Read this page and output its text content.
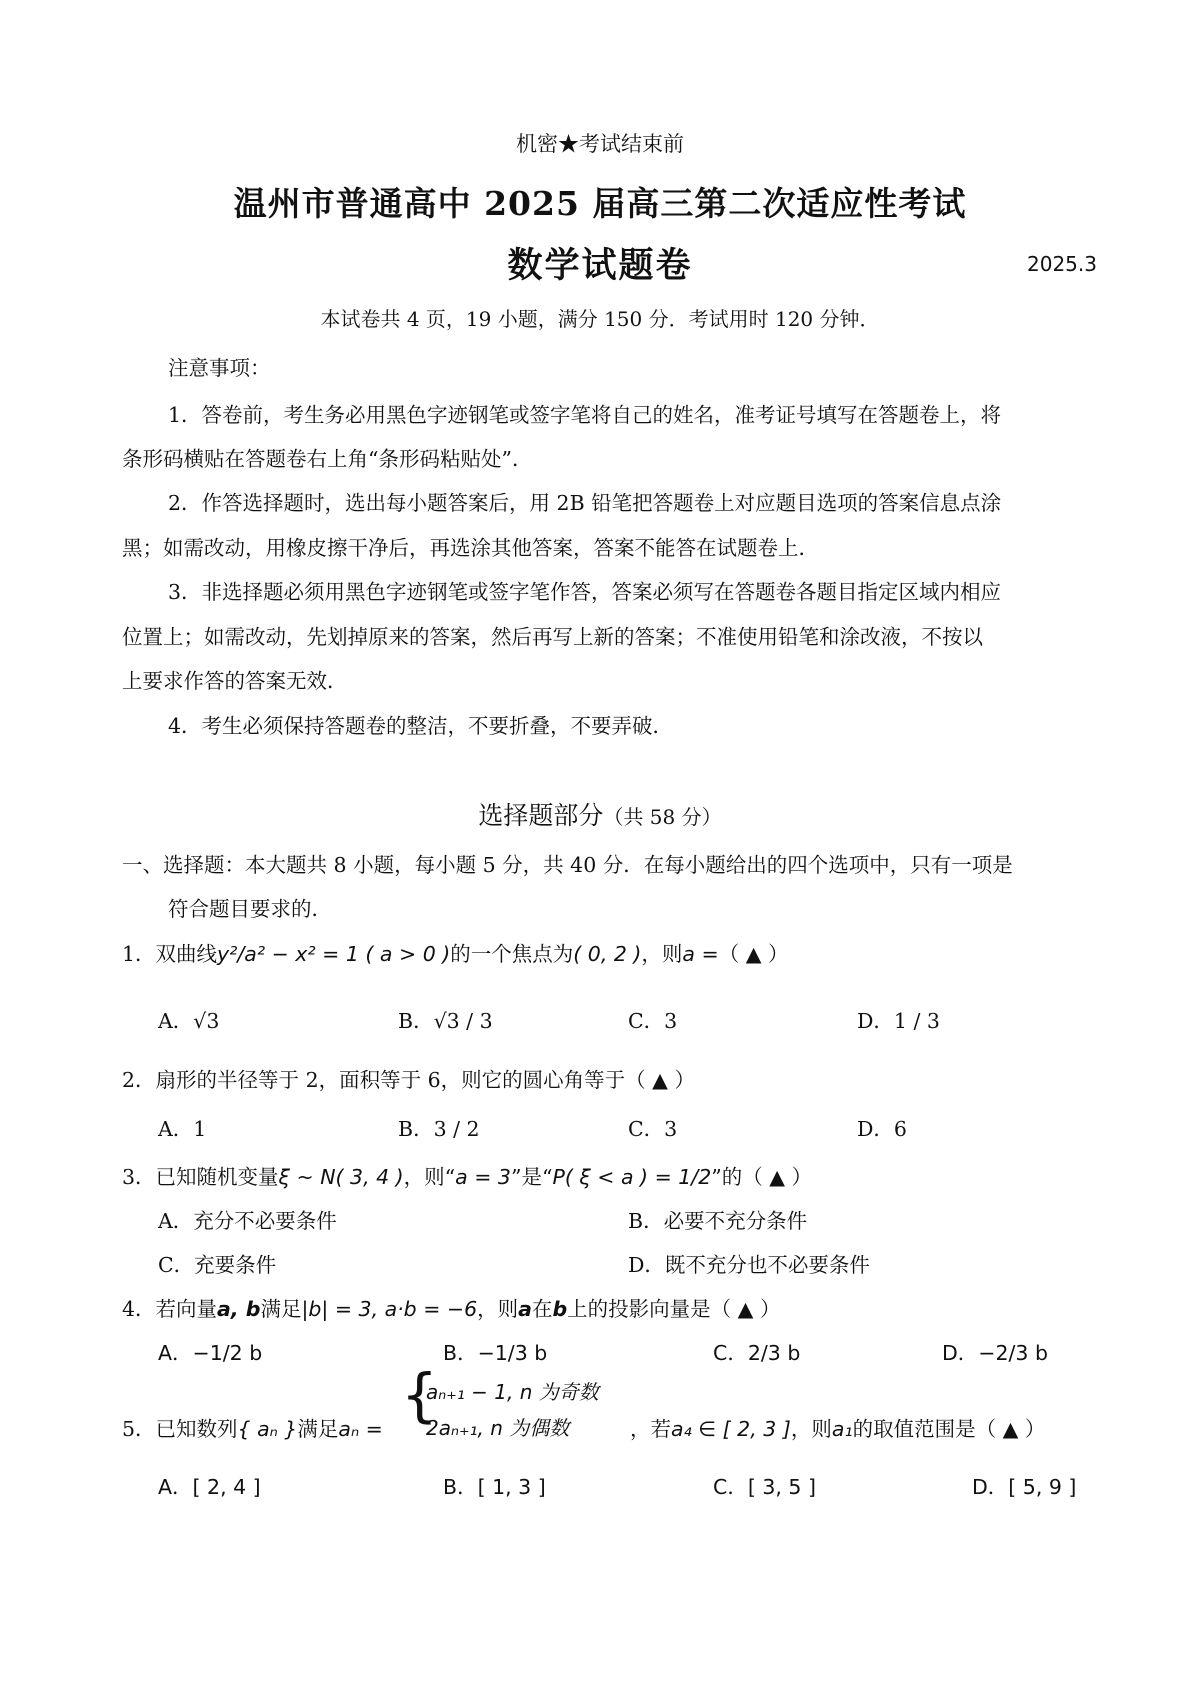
机密★考试结束前
温州市普通高中 2025 届高三第二次适应性考试
数学试题卷	2025.3
本试卷共 4 页，19 小题，满分 150 分．考试用时 120 分钟．
注意事项：
1．答卷前，考生务必用黑色字迹钢笔或签字笔将自己的姓名，准考证号填写在答题卷上，将
条形码横贴在答题卷右上角“条形码粘贴处”．
2．作答选择题时，选出每小题答案后，用 2B 铅笔把答题卷上对应题目选项的答案信息点涂
黑；如需改动，用橡皮擦干净后，再选涂其他答案，答案不能答在试题卷上．
3．非选择题必须用黑色字迹钢笔或签字笔作答，答案必须写在答题卷各题目指定区域内相应
位置上；如需改动，先划掉原来的答案，然后再写上新的答案；不准使用铅笔和涂改液，不按以
上要求作答的答案无效．
4．考生必须保持答题卷的整洁，不要折叠，不要弄破．
选择题部分（共 58 分）
一、选择题：本大题共 8 小题，每小题 5 分，共 40 分．在每小题给出的四个选项中，只有一项是
符合题目要求的．
1．双曲线y²/a² − x² = 1 ( a > 0 )的一个焦点为( 0, 2 )，则a =（ ▲ ）
A．√3	B．√3 / 3	C．3	D．1 / 3
2．扇形的半径等于 2，面积等于 6，则它的圆心角等于（ ▲ ）
A．1	B．3 / 2	C．3	D．6
3．已知随机变量ξ ~ N( 3, 4 )，则“a = 3”是“P( ξ < a ) = 1/2”的（ ▲ ）
A．充分不必要条件	B．必要不充分条件
C．充要条件	D．既不充分也不必要条件
4．若向量a, b满足|b| = 3, a·b = −6，则a在b上的投影向量是（ ▲ ）
A．−1/2 b	B．−1/3 b	C．2/3 b	D．−2/3 b
5．已知数列{ aₙ }满足aₙ = {
aₙ₊₁ − 1, n 为奇数
2aₙ₊₁, n 为偶数	，若a₄ ∈ [ 2, 3 ]，则a₁的取值范围是（ ▲ ）
A．[ 2, 4 ]	B．[ 1, 3 ]	C．[ 3, 5 ]	D．[ 5, 9 ]
